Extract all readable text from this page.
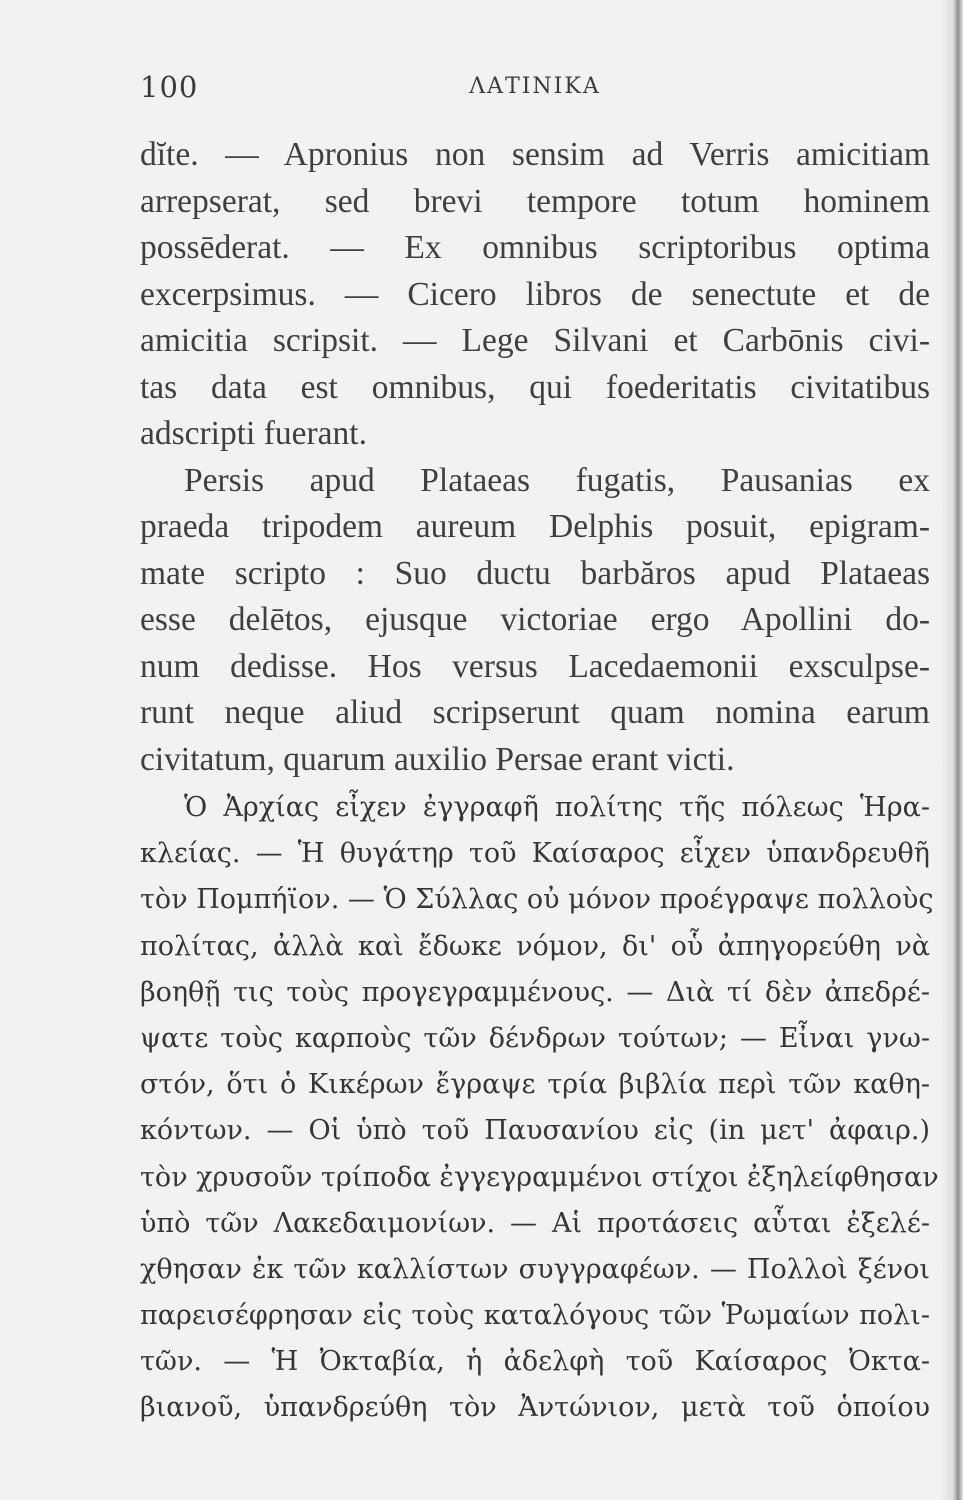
100	ΛΑΤΙΝΙΚΑ
dĭte. — Apronius non sensim ad Verris amicitiam
arrepserat, sed brevi tempore totum hominem
possēderat. — Ex omnibus scriptoribus optima
excerpsimus. — Cicero libros de senectute et de
amicitia scripsit. — Lege Silvani et Carbōnis civi-
tas data est omnibus, qui foederitatis civitatibus
adscripti fuerant.
Persis apud Plataeas fugatis, Pausanias ex
praeda tripodem aureum Delphis posuit, epigram-
mate scripto : Suo ductu barbăros apud Plataeas
esse delētos, ejusque victoriae ergo Apollini do-
num dedisse. Hos versus Lacedaemonii exsculpse-
runt neque aliud scripserunt quam nomina earum
civitatum, quarum auxilio Persae erant victi.
Ὁ Ἀρχίας εἶχεν ἐγγραφῆ πολίτης τῆς πόλεως Ἡρα-
κλείας. — Ἡ θυγάτηρ τοῦ Καίσαρος εἶχεν ὑπανδρευθῆ
τὸν Πομπήϊον. — Ὁ Σύλλας οὐ μόνον προέγραψε πολλοὺς
πολίτας, ἀλλὰ καὶ ἔδωκε νόμον, δι' οὗ ἀπηγορεύθη νὰ
βοηθῇ τις τοὺς προγεγραμμένους. — Διὰ τί δὲν ἀπεδρέ-
ψατε τοὺς καρποὺς τῶν δένδρων τούτων; — Εἶναι γνω-
στόν, ὅτι ὁ Κικέρων ἔγραψε τρία βιβλία περὶ τῶν καθη-
κόντων. — Οἱ ὑπὸ τοῦ Παυσανίου εἰς (in μετ' ἀφαιρ.)
τὸν χρυσοῦν τρίποδα ἐγγεγραμμένοι στίχοι ἐξηλείφθησαν
ὑπὸ τῶν Λακεδαιμονίων. — Αἱ προτάσεις αὗται ἐξελέ-
χθησαν ἐκ τῶν καλλίστων συγγραφέων. — Πολλοὶ ξένοι
παρεισέφρησαν εἰς τοὺς καταλόγους τῶν Ῥωμαίων πολι-
τῶν. — Ἡ Ὀκταβία, ἡ ἀδελφὴ τοῦ Καίσαρος Ὀκτα-
βιανοῦ, ὑπανδρεύθη τὸν Ἀντώνιον, μετὰ τοῦ ὁποίου
